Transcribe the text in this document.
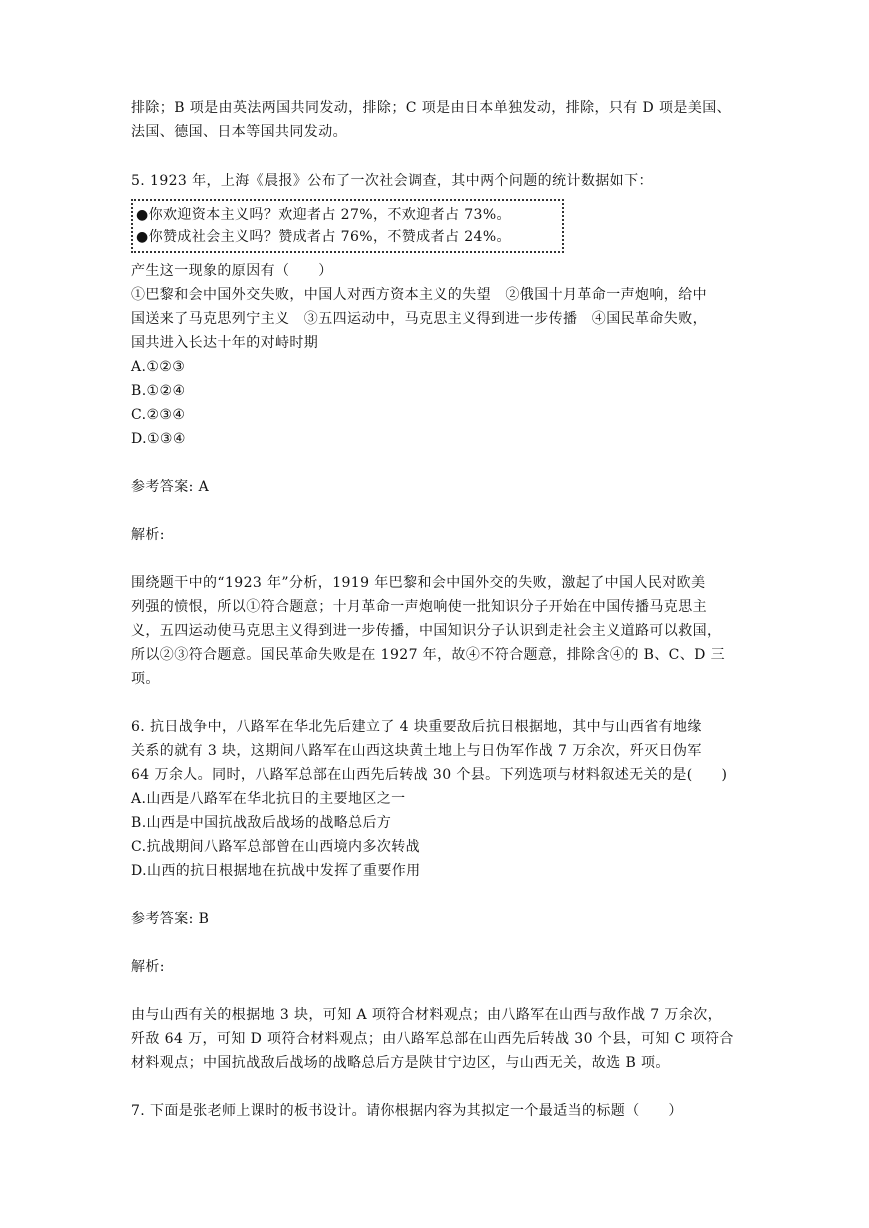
排除；B 项是由英法两国共同发动，排除；C 项是由日本单独发动，排除，只有 D 项是美国、
法国、德国、日本等国共同发动。
5. 1923 年，上海《晨报》公布了一次社会调查，其中两个问题的统计数据如下：
●你欢迎资本主义吗？欢迎者占 27%，不欢迎者占 73%。
●你赞成社会主义吗？赞成者占 76%，不赞成者占 24%。
产生这一现象的原因有（　　）
①巴黎和会中国外交失败，中国人对西方资本主义的失望　②俄国十月革命一声炮响，给中
国送来了马克思列宁主义　③五四运动中，马克思主义得到进一步传播　④国民革命失败，
国共进入长达十年的对峙时期
A.①②③
B.①②④
C.②③④
D.①③④
参考答案: A
解析:
围绕题干中的“1923 年”分析，1919 年巴黎和会中国外交的失败，激起了中国人民对欧美
列强的愤恨，所以①符合题意；十月革命一声炮响使一批知识分子开始在中国传播马克思主
义，五四运动使马克思主义得到进一步传播，中国知识分子认识到走社会主义道路可以救国，
所以②③符合题意。国民革命失败是在 1927 年，故④不符合题意，排除含④的 B、C、D 三
项。
6. 抗日战争中，八路军在华北先后建立了 4 块重要敌后抗日根据地，其中与山西省有地缘
关系的就有 3 块，这期间八路军在山西这块黄土地上与日伪军作战 7 万余次，歼灭日伪军
64 万余人。同时，八路军总部在山西先后转战 30 个县。下列选项与材料叙述无关的是(　　)
A.山西是八路军在华北抗日的主要地区之一
B.山西是中国抗战敌后战场的战略总后方
C.抗战期间八路军总部曾在山西境内多次转战
D.山西的抗日根据地在抗战中发挥了重要作用
参考答案: B
解析:
由与山西有关的根据地 3 块，可知 A 项符合材料观点；由八路军在山西与敌作战 7 万余次，
歼敌 64 万，可知 D 项符合材料观点；由八路军总部在山西先后转战 30 个县，可知 C 项符合
材料观点；中国抗战敌后战场的战略总后方是陕甘宁边区，与山西无关，故选 B 项。
7. 下面是张老师上课时的板书设计。请你根据内容为其拟定一个最适当的标题（　　）
